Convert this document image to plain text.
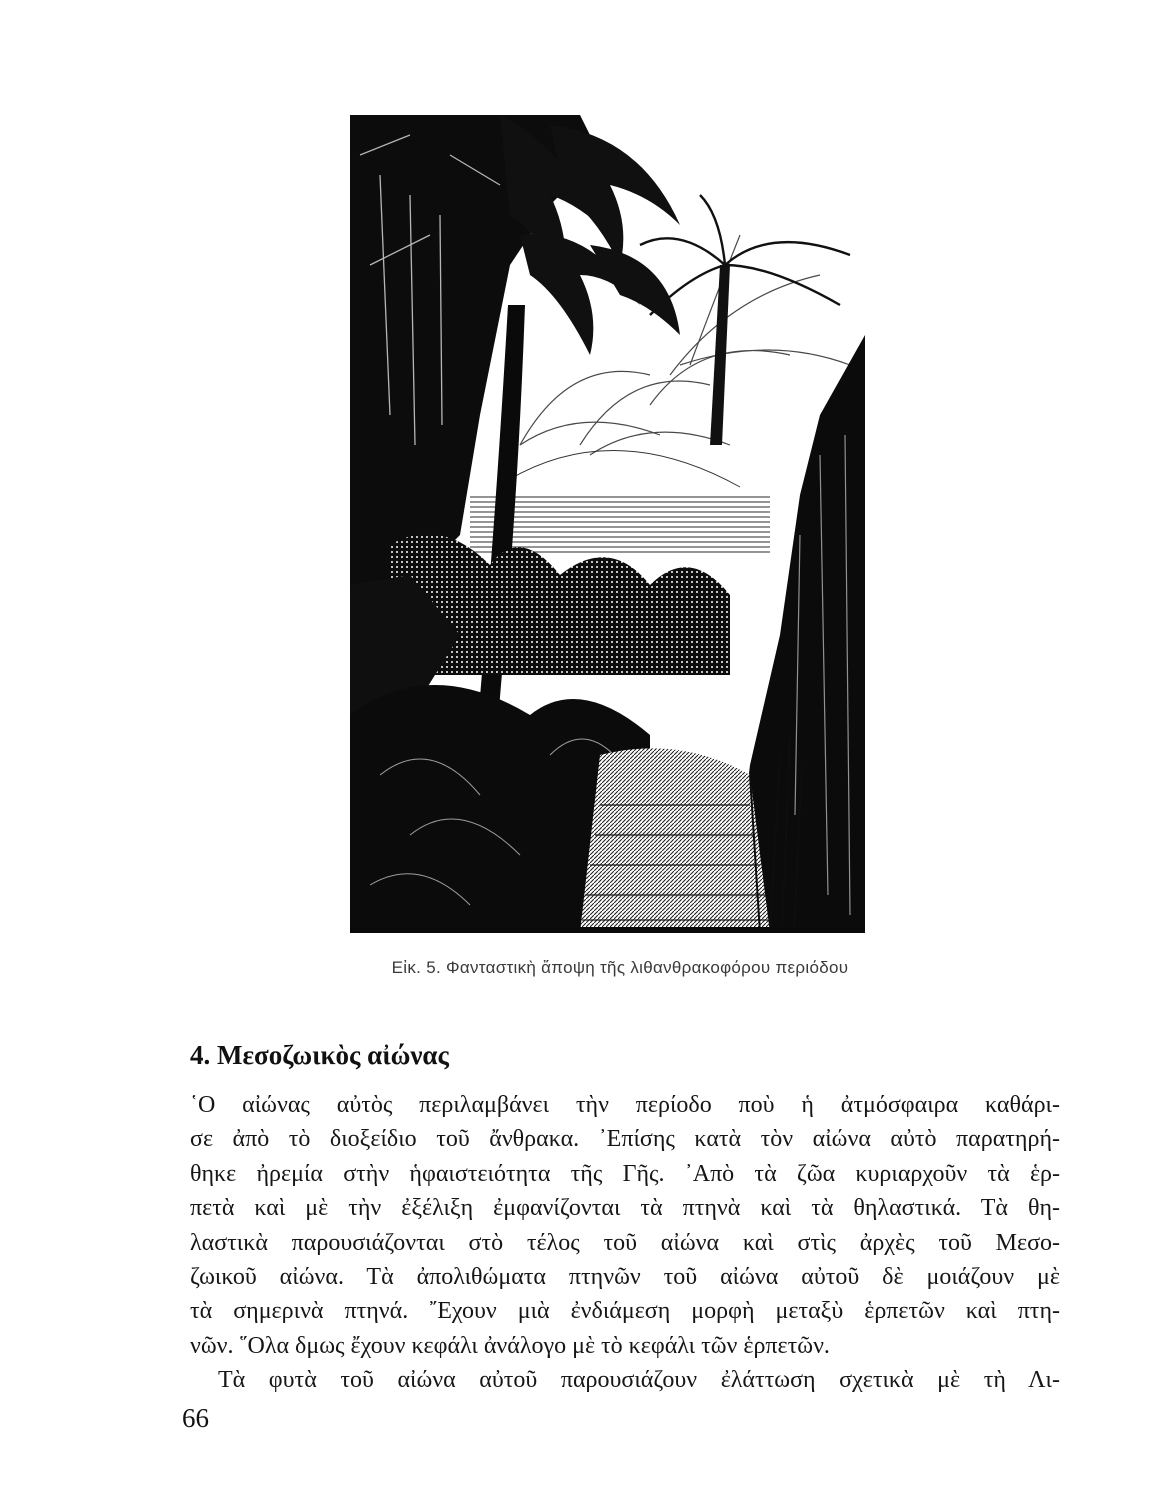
Εἰκ. 5. Φανταστικὴ ἄποψη τῆς λιθανθρακοφόρου περιόδου
4. Μεσοζωικὸς αἰώνας
῾Ο αἰώνας αὐτὸς περιλαμβάνει τὴν περίοδο ποὺ ἡ ἀτμόσφαιρα καθάρι-
σε ἀπὸ τὸ διοξείδιο τοῦ ἄνθρακα. ᾿Επίσης κατὰ τὸν αἰώνα αὐτὸ παρατηρή-
θηκε ἠρεμία στὴν ἡφαιστειότητα τῆς Γῆς. ᾿Απὸ τὰ ζῶα κυριαρχοῦν τὰ ἑρ-
πετὰ καὶ μὲ τὴν ἐξέλιξη ἐμφανίζονται τὰ πτηνὰ καὶ τὰ θηλαστικά. Τὰ θη-
λαστικὰ παρουσιάζονται στὸ τέλος τοῦ αἰώνα καὶ στὶς ἀρχὲς τοῦ Μεσο-
ζωικοῦ αἰώνα. Τὰ ἀπολιθώματα πτηνῶν τοῦ αἰώνα αὐτοῦ δὲ μοιάζουν μὲ
τὰ σημερινὰ πτηνά. ῎Εχουν μιὰ ἐνδιάμεση μορφὴ μεταξὺ ἑρπετῶν καὶ πτη-
νῶν. ῞Ολα δμως ἔχουν κεφάλι ἀνάλογο μὲ τὸ κεφάλι τῶν ἑρπετῶν.
Τὰ φυτὰ τοῦ αἰώνα αὐτοῦ παρουσιάζουν ἐλάττωση σχετικὰ μὲ τὴ Λι-
66
